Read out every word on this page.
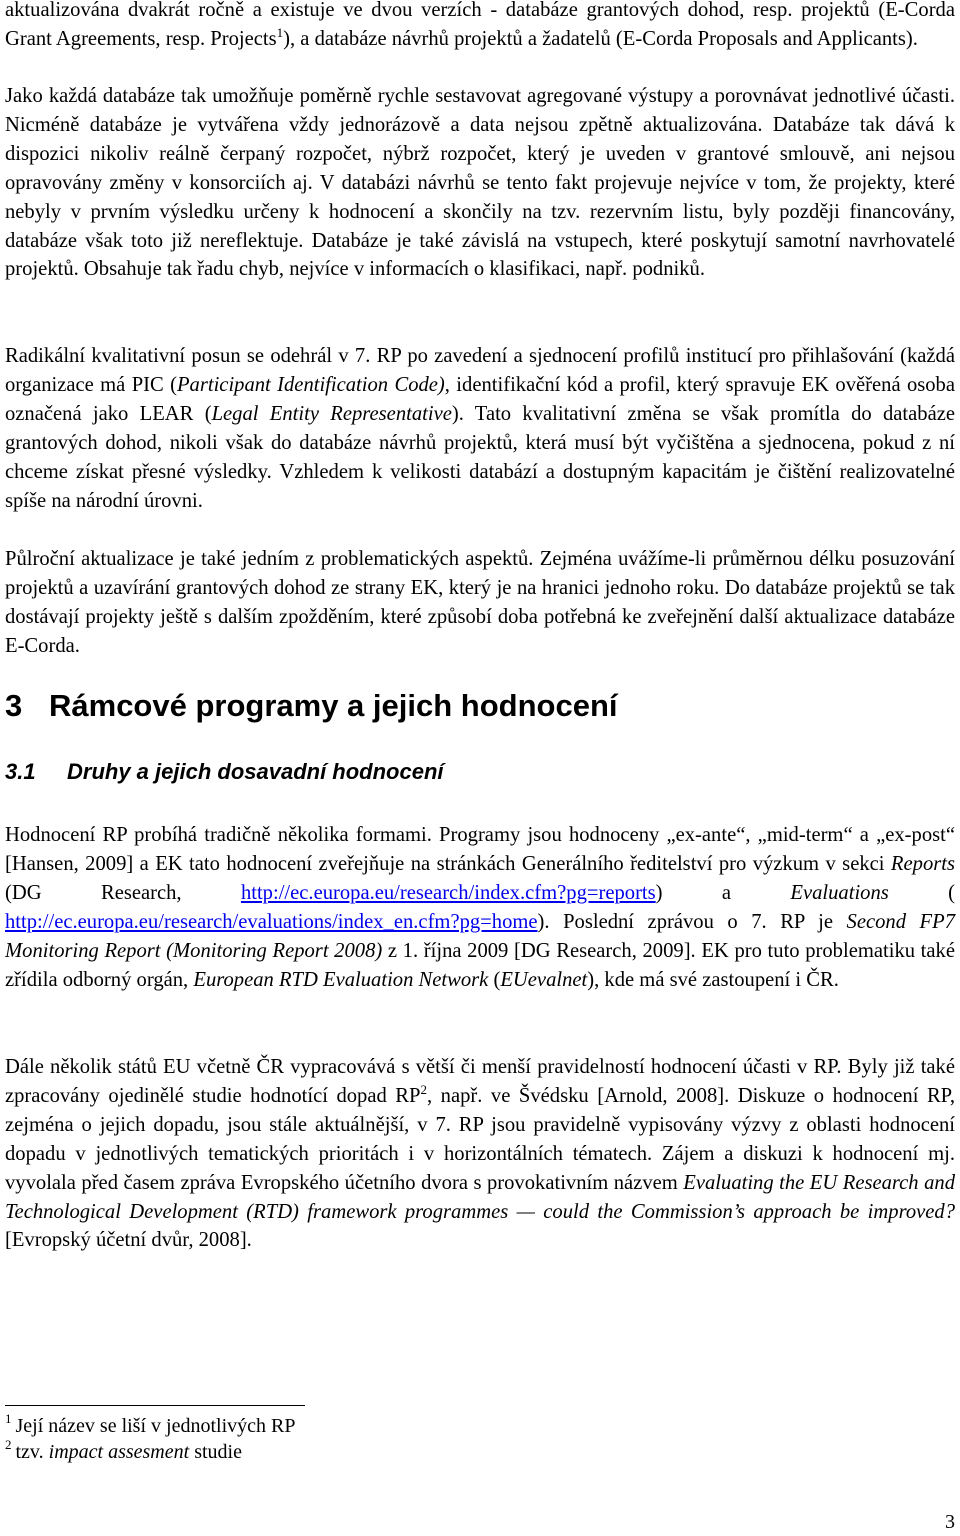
aktualizována dvakrát ročně a existuje ve dvou verzích - databáze grantových dohod, resp. projektů (E-Corda Grant Agreements, resp. Projects$^1$), a databáze návrhů projektů a žadatelů (E-Corda Proposals and Applicants).

Jako každá databáze tak umožňuje poměrně rychle sestavovat agregované výstupy a porovnávat jednotlivé účasti. Nicméně databáze je vytvářena vždy jednorázově a data nejsou zpětně aktualizována. Databáze tak dává k dispozici nikoliv reálně čerpaný rozpočet, nýbrž rozpočet, který je uveden v grantové smlouvě, ani nejsou opravovány změny v konsorciích aj. V databázi návrhů se tento fakt projevuje nejvíce v tom, že projekty, které nebyly v prvním výsledku určeny k hodnocení a skončily na tzv. rezervním listu, byly později financovány, databáze však toto již nereflektuje. Databáze je také závislá na vstupech, které poskytují samotní navrhovatelé projektů. Obsahuje tak řadu chyb, nejvíce v informacích o klasifikaci, např. podniků.

Radikální kvalitativní posun se odehrál v 7. RP po zavedení a sjednocení profilů institucí pro přihlašování (každá organizace má PIC (Participant Identification Code), identifikační kód a profil, který spravuje EK ověřená osoba označená jako LEAR (Legal Entity Representative). Tato kvalitativní změna se však promítla do databáze grantových dohod, nikoli však do databáze návrhů projektů, která musí být vyčištěna a sjednocena, pokud z ní chceme získat přesné výsledky. Vzhledem k velikosti databází a dostupným kapacitám je čištění realizovatelné spíše na národní úrovni.

Půlroční aktualizace je také jedním z problematických aspektů. Zejména uvážíme-li průměrnou délku posuzování projektů a uzavírání grantových dohod ze strany EK, který je na hranici jednoho roku. Do databáze projektů se tak dostávají projekty ještě s dalším zpožděním, které způsobí doba potřebná ke zveřejnění další aktualizace databáze E-Corda.

3 Rámcové programy a jejich hodnocení
3.1 Druhy a jejich dosavadní hodnocení

Hodnocení RP probíhá tradičně několika formami. Programy jsou hodnoceny „ex-ante“, „mid-term“ a „ex-post“ [Hansen, 2009] a EK tato hodnocení zveřejňuje na stránkách Generálního ředitelství pro výzkum v sekci Reports (DG Research, http://ec.europa.eu/research/index.cfm?pg=reports) a Evaluations ( http://ec.europa.eu/research/evaluations/index_en.cfm?pg=home). Poslední zprávou o 7. RP je Second FP7 Monitoring Report (Monitoring Report 2008) z 1. října 2009 [DG Research, 2009]. EK pro tuto problematiku také zřídila odborný orgán, European RTD Evaluation Network (EUevalnet), kde má své zastoupení i ČR.

Dále několik států EU včetně ČR vypracovává s větší či menší pravidelností hodnocení účasti v RP. Byly již také zpracovány ojedinělé studie hodnotící dopad $RP^2$, např. ve Švédsku [Arnold, 2008]. Diskuze o hodnocení RP, zejména o jejich dopadu, jsou stále aktuálnější, v 7. RP jsou pravidelně vypisovány výzvy z oblasti hodnocení dopadu v jednotlivých tematických prioritách i v horizontálních tématech. Zájem a diskuzi k hodnocení mj. vyvolala před časem zpráva Evropského účetního dvora s provokativním názvem Evaluating the EU Research and Technological Development (RTD) framework programmes — could the Commission’s approach be improved? [Evropský účetní dvůr, 2008].

$^1$ Její název se liší v jednotlivých RP

$^2$ tzv. impact assesment studie

3
